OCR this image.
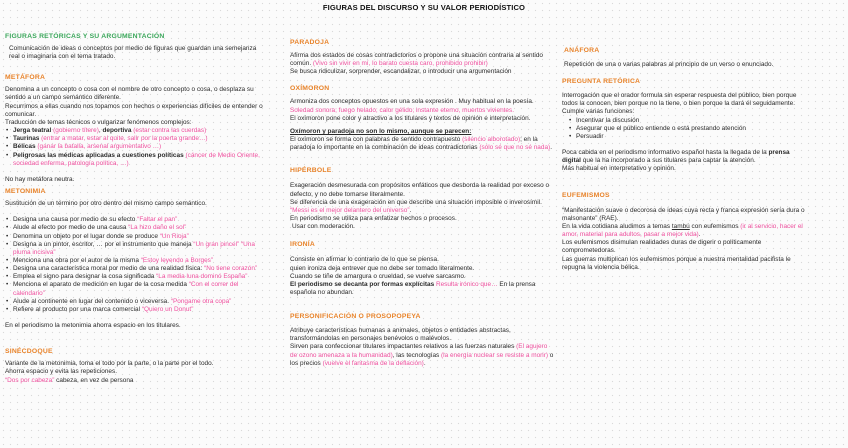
FIGURAS DEL DISCURSO Y SU VALOR PERIODÍSTICO

FIGURAS RETÓRICAS Y SU ARGUMENTACIÓN

Comunicación de ideas o conceptos por medio de figuras que guardan una semejanza real o imaginaria con el tema tratado.

METÁFORA

Denomina a un concepto o cosa con el nombre de otro concepto o cosa, o desplaza su sentido a un campo semántico diferente.

Recurrimos a ellas cuando nos topamos con hechos o experiencias difíciles de entender o comunicar.

Traducción de temas técnicos o vulgarizar fenómenos complejos:

• Jerga teatral (gobierno títere), deportiva (estar contra las cuerdas)
• Taurinas (entrar a matar, estar al quite, salir por la puerta grande…)
• Bélicas (ganar la batalla, arsenal argumentativo …)
• Peligrosas las médicas aplicadas a cuestiones políticas (cáncer de Medio Oriente, sociedad enferma, patología política, …)

No hay metáfora neutra.

METONIMIA

Sustitución de un término por otro dentro del mismo campo semántico.

• Designa una causa por medio de su efecto “Faltar el pan”
• Alude al efecto por medio de una causa “La hizo daño el sol”
• Denomina un objeto por el lugar donde se produce “Un Rioja”
• Designa a un pintor, escritor, … por el instrumento que maneja “Un gran pincel” “Una pluma incisiva”
• Menciona una obra por el autor de la misma “Estoy leyendo a Borges”
• Designa una característica moral por medio de una realidad física: “No tiene corazón”
• Emplea el signo para designar la cosa significada “La media luna dominó España”
• Menciona el aparato de medición en lugar de la cosa medida “Con el correr del calendario”
• Alude al continente en lugar del contenido o viceversa. “Pongame otra copa”
• Refiere al producto por una marca comercial “Quiero un Donut”

En el periodismo la metonimia ahorra espacio en los titulares.

SINÉCDOQUE

Variante de la metonimia, toma el todo por la parte, o la parte por el todo.

Ahorra espacio y evita las repeticiones.

“Dos por cabeza” cabeza, en vez de persona

PARADOJA

Afirma dos estados de cosas contradictorios o propone una situación contraria al sentido común. (Vivo sin vivir en mí, lo barato cuesta caro, prohibido prohibir)

Se busca ridiculizar, sorprender, escandalizar, o introducir una argumentación

OXÍMORON

Armoniza dos conceptos opuestos en una sola expresión . Muy habitual en la poesía.

Soledad sonora; fuego helado; calor gélido; instante eterno, muertos vivientes.

El oxímoron pone color y atractivo a los titulares y textos de opinión e interpretación.

Oxímoron y paradoja no son lo mismo, aunque se parecen:

El oxímoron se forma con palabras de sentido contrapuesto (silencio alborotado); en la paradoja lo importante en la combinación de ideas contradictorias (sólo sé que no sé nada).

HIPÉRBOLE

Exageración desmesurada con propósitos enfáticos que desborda la realidad por exceso o defecto, y no debe tomarse literalmente.

Se diferencia de una exageración en que describe una situación imposible o inverosímil. “Messi es el mejor delantero del universo”.

En periodismo se utiliza para enfatizar hechos o procesos.

Usar con moderación.

IRONÍA

Consiste en afirmar lo contrario de lo que se piensa.

quien ironiza deja entrever que no debe ser tomado literalmente.

Cuando se tiñe de amargura o crueldad, se vuelve sarcasmo.

El periodismo se decanta por formas explícitas Resulta irónico que… En la prensa española no abundan.

PERSONIFICACIÓN O PROSOPOPEYA

Atribuye características humanas a animales, objetos o entidades abstractas, transformándolas en personajes benévolos o malévolos.

Sirven para confeccionar titulares impactantes relativos a las fuerzas naturales (El agujero de ozono amenaza a la humanidad), las tecnologías (la energía nuclear se resiste a morir) o los precios (vuelve el fantasma de la deflación).

ANÁFORA

Repetición de una o varias palabras al principio de un verso o enunciado.

PREGUNTA RETÓRICA

Interrogación que el orador formula sin esperar respuesta del público, bien porque todos la conocen, bien porque no la tiene, o bien porque la dará él seguidamente.

Cumple varias funciones:

• Incentivar la discusión
• Asegurar que el público entiende o está prestando atención
• Persuadir

Poca cabida en el periodismo informativo español hasta la llegada de la prensa digital que la ha incorporado a sus titulares para captar la atención.

Más habitual en interpretativo y opinión.

EUFEMISMOS

“Manifestación suave o decorosa de ideas cuya recta y franca expresión sería dura o malsonante” (RAE).

En la vida cotidiana aludimos a temas tambú con eufemismos (ir al servicio, hacer el amor, material para adultos, pasar a mejor vida).

Los eufemismos disimulan realidades duras de digerir o políticamente comprometedoras.

Las guerras multiplican los eufemismos porque a nuestra mentalidad pacifista le repugna la violencia bélica.
